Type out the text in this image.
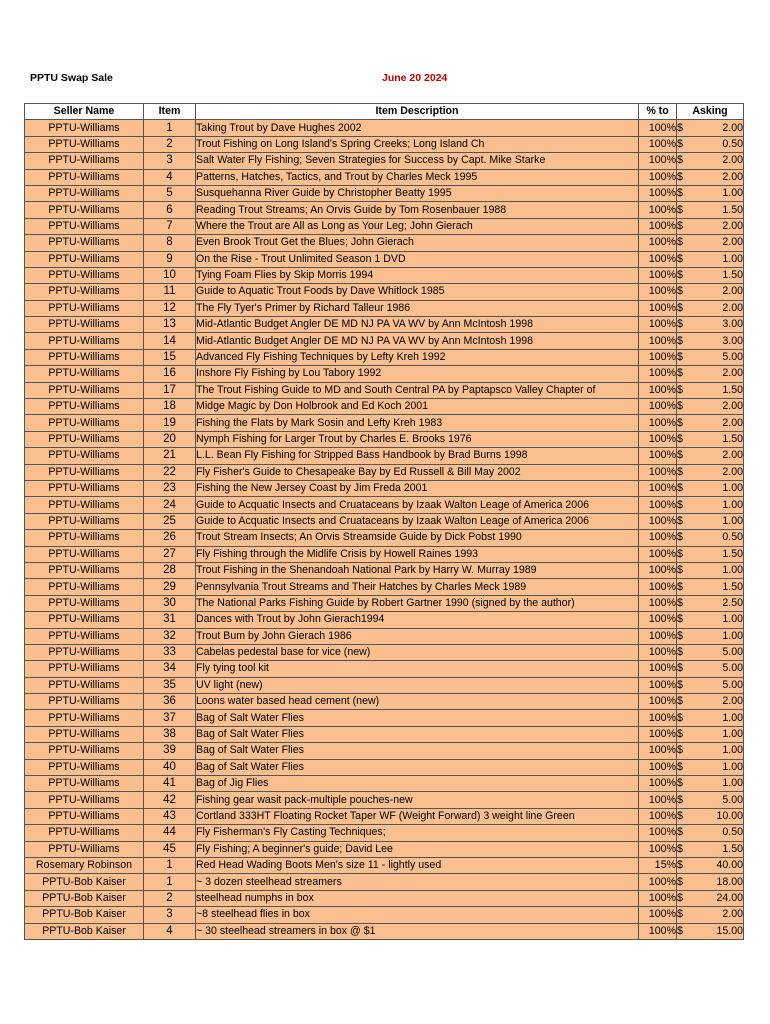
PPTU Swap Sale	June 20 2024
Seller Name	Item	Item Description	% to	Asking
PPTU-Williams	1	Taking Trout by Dave Hughes 2002	100%	$ 2.00

PPTU-Williams	2	Trout Fishing on Long Island's Spring Creeks; Long Island Ch	100%	$ 0.50

PPTU-Williams	3	Salt Water Fly Fishing; Seven Strategies for Success by Capt. Mike Starke	100%	$ 2.00

PPTU-Williams	4	Patterns, Hatches, Tactics, and Trout by Charles Meck 1995	100%	$ 2.00

PPTU-Williams	5	Susquehanna River Guide by Christopher Beatty 1995	100%	$ 1.00

PPTU-Williams	6	Reading Trout Streams; An Orvis Guide by Tom Rosenbauer 1988	100%	$ 1.50

PPTU-Williams	7	Where the Trout are All as Long as Your Leg; John Gierach	100%	$ 2.00

PPTU-Williams	8	Even Brook Trout Get the Blues; John Gierach	100%	$ 2.00

PPTU-Williams	9	On the Rise - Trout Unlimited Season 1 DVD	100%	$ 1.00

PPTU-Williams	10	Tying Foam Flies by Skip Morris 1994	100%	$ 1.50

PPTU-Williams	11	Guide to Aquatic Trout Foods by Dave Whitlock 1985	100%	$ 2.00

PPTU-Williams	12	The Fly Tyer's Primer by Richard Talleur 1986	100%	$ 2.00

PPTU-Williams	13	Mid-Atlantic Budget Angler DE MD NJ PA VA WV by Ann McIntosh 1998	100%	$ 3.00

PPTU-Williams	14	Mid-Atlantic Budget Angler DE MD NJ PA VA WV by Ann McIntosh 1998	100%	$ 3.00

PPTU-Williams	15	Advanced Fly Fishing Techniques by Lefty Kreh 1992	100%	$ 5.00

PPTU-Williams	16	Inshore Fly Fishing by Lou Tabory 1992	100%	$ 2.00

PPTU-Williams	17	The Trout Fishing Guide to MD and South Central PA by Paptapsco Valley Chapter of	100%	$ 1.50

PPTU-Williams	18	Midge Magic by Don Holbrook and Ed Koch 2001	100%	$ 2.00

PPTU-Williams	19	Fishing the Flats by Mark Sosin and Lefty Kreh 1983	100%	$ 2.00

PPTU-Williams	20	Nymph Fishing for Larger Trout by Charles E. Brooks 1976	100%	$ 1.50

PPTU-Williams	21	L.L. Bean Fly Fishing for Stripped Bass Handbook by Brad Burns 1998	100%	$ 2.00

PPTU-Williams	22	Fly Fisher's Guide to Chesapeake Bay by Ed Russell & Bill May 2002	100%	$ 2.00

PPTU-Williams	23	Fishing the New Jersey Coast by Jim Freda 2001	100%	$ 1.00

PPTU-Williams	24	Guide to Acquatic Insects and Cruataceans by Izaak Walton Leage of America 2006	100%	$ 1.00

PPTU-Williams	25	Guide to Acquatic Insects and Cruataceans by Izaak Walton Leage of America 2006	100%	$ 1.00

PPTU-Williams	26	Trout Stream Insects; An Orvis Streamside Guide by Dick Pobst 1990	100%	$ 0.50

PPTU-Williams	27	Fly Fishing through the Midlife Crisis by Howell Raines 1993	100%	$ 1.50

PPTU-Williams	28	Trout Fishing in the Shenandoah National Park by Harry W. Murray 1989	100%	$ 1.00

PPTU-Williams	29	Pennsylvania Trout Streams and Their Hatches by Charles Meck 1989	100%	$ 1.50

PPTU-Williams	30	The National Parks Fishing Guide by Robert Gartner 1990 (signed by the author)	100%	$ 2.50

PPTU-Williams	31	Dances with Trout by John Gierach1994	100%	$ 1.00

PPTU-Williams	32	Trout Bum by John Gierach 1986	100%	$ 1.00

PPTU-Williams	33	Cabelas pedestal base for vice (new)	100%	$ 5.00

PPTU-Williams	34	Fly tying tool kit	100%	$ 5.00

PPTU-Williams	35	UV light (new)	100%	$ 5.00

PPTU-Williams	36	Loons water based head cement (new)	100%	$ 2.00

PPTU-Williams	37	Bag of Salt Water Flies	100%	$ 1.00

PPTU-Williams	38	Bag of Salt Water Flies	100%	$ 1.00

PPTU-Williams	39	Bag of Salt Water Flies	100%	$ 1.00

PPTU-Williams	40	Bag of Salt Water Flies	100%	$ 1.00

PPTU-Williams	41	Bag of Jig Flies	100%	$ 1.00

PPTU-Williams	42	Fishing gear wasit pack-multiple pouches-new	100%	$ 5.00

PPTU-Williams	43	Cortland 333HT Floating Rocket Taper WF (Weight Forward) 3 weight line Green	100%	$ 10.00

PPTU-Williams	44	Fly Fisherman's Fly Casting Techniques;	100%	$ 0.50

PPTU-Williams	45	Fly Fishing; A beginner's guide; David Lee	100%	$ 1.50

Rosemary Robinson	1	Red Head Wading Boots Men's size 11 - lightly used	15%	$ 40.00

PPTU-Bob Kaiser	1	~ 3 dozen steelhead streamers	100%	$ 18.00

PPTU-Bob Kaiser	2	steelhead numphs in box	100%	$ 24.00

PPTU-Bob Kaiser	3	~8 steelhead flies in box	100%	$ 2.00

PPTU-Bob Kaiser	4	~ 30 steelhead streamers in box @ $1	100%	$ 15.00
